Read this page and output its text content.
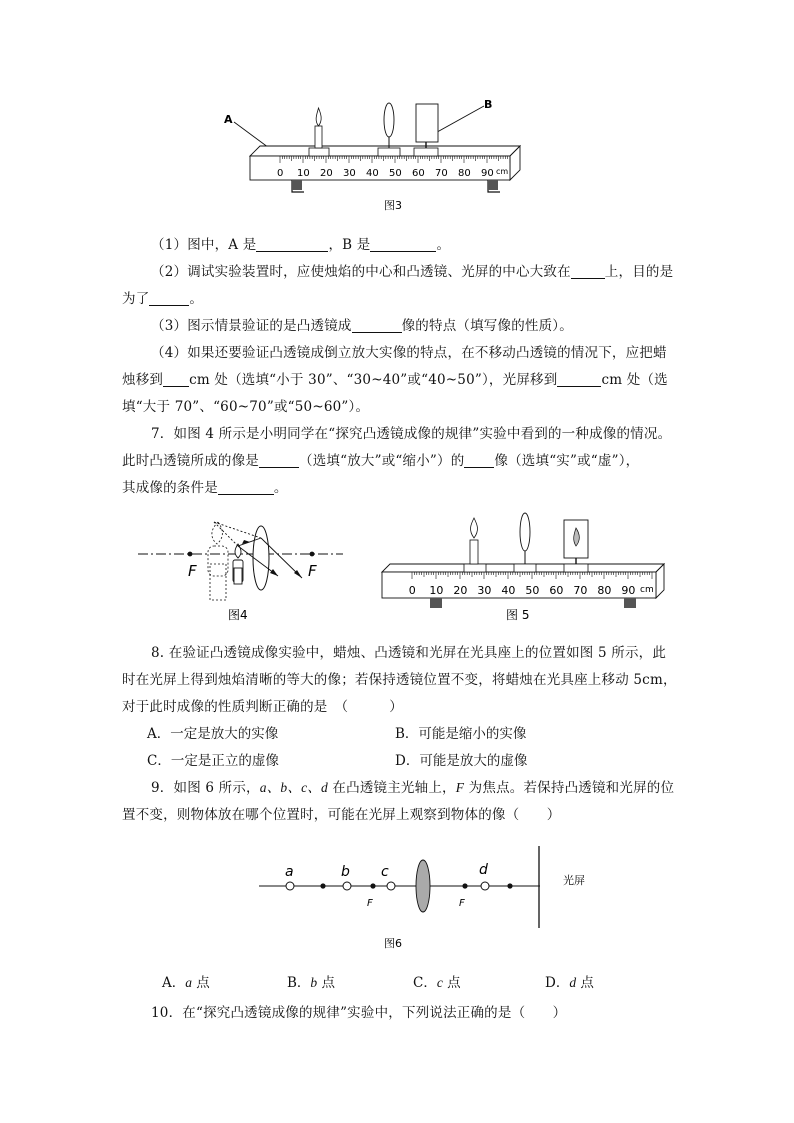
A
B
0 10 20 30 40 50 60 70 80 90 cm
图3
（1）图中，A 是	，B 是	。
（2）调试实验装置时，应使烛焰的中心和凸透镜、光屏的中心大致在	上，目的是
为了	。
（3）图示情景验证的是凸透镜成	像的特点（填写像的性质）。
（4）如果还要验证凸透镜成倒立放大实像的特点，在不移动凸透镜的情况下，应把蜡
烛移到 cm 处（选填“小于 30”、“30~40”或“40~50”），光屏移到	cm 处（选
填“大于 70”、“60~70”或“50~60”）。
7．如图 4 所示是小明同学在“探究凸透镜成像的规律”实验中看到的一种成像的情况。
此时凸透镜所成的像是	（选填“放大”或“缩小”）的 像（选填“实”或“虚”），
其成像的条件是	。
F	F
图4
0 10 20 30 40 50 60 70 80 90 cm
图 5
8. 在验证凸透镜成像实验中，蜡烛、凸透镜和光屏在光具座上的位置如图 5 所示，此
时在光屏上得到烛焰清晰的等大的像；若保持透镜位置不变，将蜡烛在光具座上移动 5cm，
对于此时成像的性质判断正确的是　（　　　）
A．一定是放大的实像	B．可能是缩小的实像
C．一定是正立的虚像	D．可能是放大的虚像
9．如图 6 所示，a、b、c、d 在凸透镜主光轴上，F 为焦点。若保持凸透镜和光屏的位
置不变，则物体放在哪个位置时，可能在光屏上观察到物体的像（　　）
光屏
a	b c	d
F	F
图6
A．a 点	B．b 点	C．c 点	D．d 点
10．在“探究凸透镜成像的规律”实验中，下列说法正确的是（　　）
